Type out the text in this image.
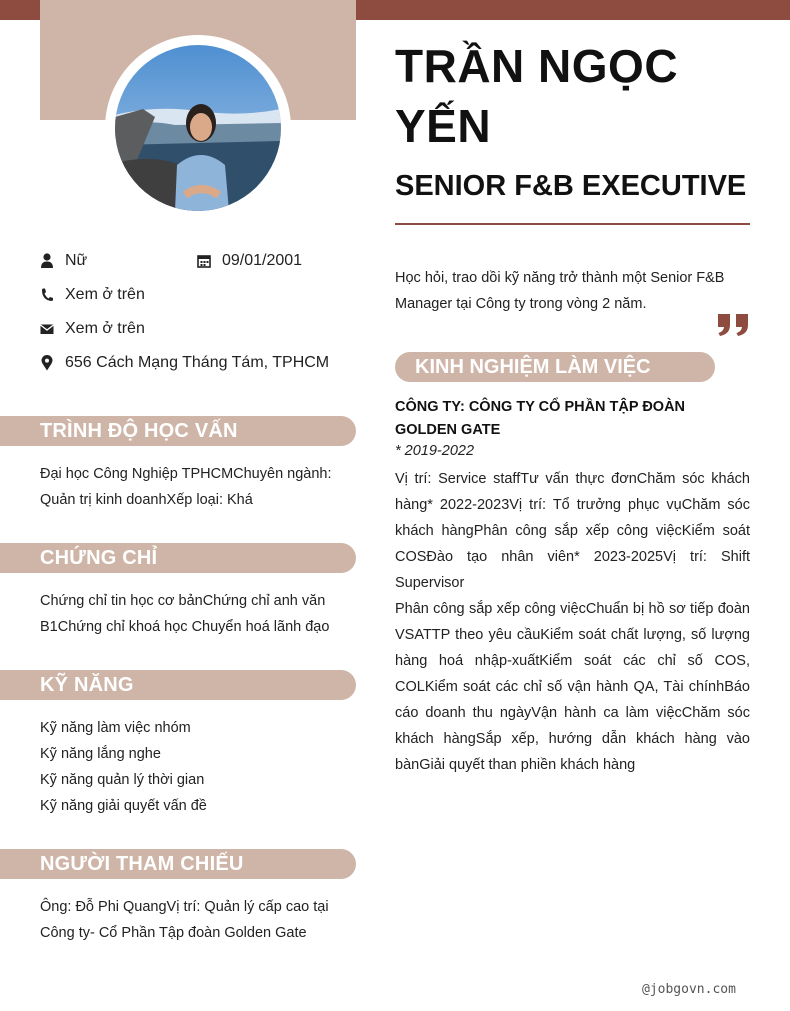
Nữ	09/01/2001
Xem ở trên
Xem ở trên
656 Cách Mạng Tháng Tám, TPHCM
TRÌNH ĐỘ HỌC VẤN
Đại học Công Nghiệp TPHCMChuyên ngành: Quản trị kinh doanhXếp loại: Khá
CHỨNG CHỈ
Chứng chỉ tin học cơ bảnChứng chỉ anh văn B1Chứng chỉ khoá học Chuyển hoá lãnh đạo
KỸ NĂNG
Kỹ năng làm việc nhóm
Kỹ năng lắng nghe
Kỹ năng quản lý thời gian
Kỹ năng giải quyết vấn đề
NGƯỜI THAM CHIẾU
Ông: Đỗ Phi QuangVị trí: Quản lý cấp cao tại Công ty- Cổ Phần Tập đoàn Golden Gate
TRẦN NGỌC YẾN
SENIOR F&B EXECUTIVE
Học hỏi, trao dồi kỹ năng trở thành một Senior F&B Manager tại Công ty trong vòng 2 năm.
KINH NGHIỆM LÀM VIỆC
CÔNG TY: CÔNG TY CỔ PHẦN TẬP ĐOÀN GOLDEN GATE
* 2019-2022

Vị trí: Service staffTư vấn thực đơnChăm sóc khách hàng* 2022-2023Vị trí: Tổ trưởng phục vụChăm sóc khách hàngPhân công sắp xếp công việcKiểm soát COSĐào tạo nhân viên* 2023-2025Vị trí: Shift Supervisor

Phân công sắp xếp công việcChuẩn bị hồ sơ tiếp đoàn VSATTP theo yêu cầuKiểm soát chất lượng, số lượng hàng hoá nhập-xuấtKiểm soát các chỉ số COS, COLKiểm soát các chỉ số vận hành QA, Tài chínhBáo cáo doanh thu ngàyVận hành ca làm việcChăm sóc khách hàngSắp xếp, hướng dẫn khách hàng vào bànGiải quyết than phiền khách hàng

@jobgovn.com
